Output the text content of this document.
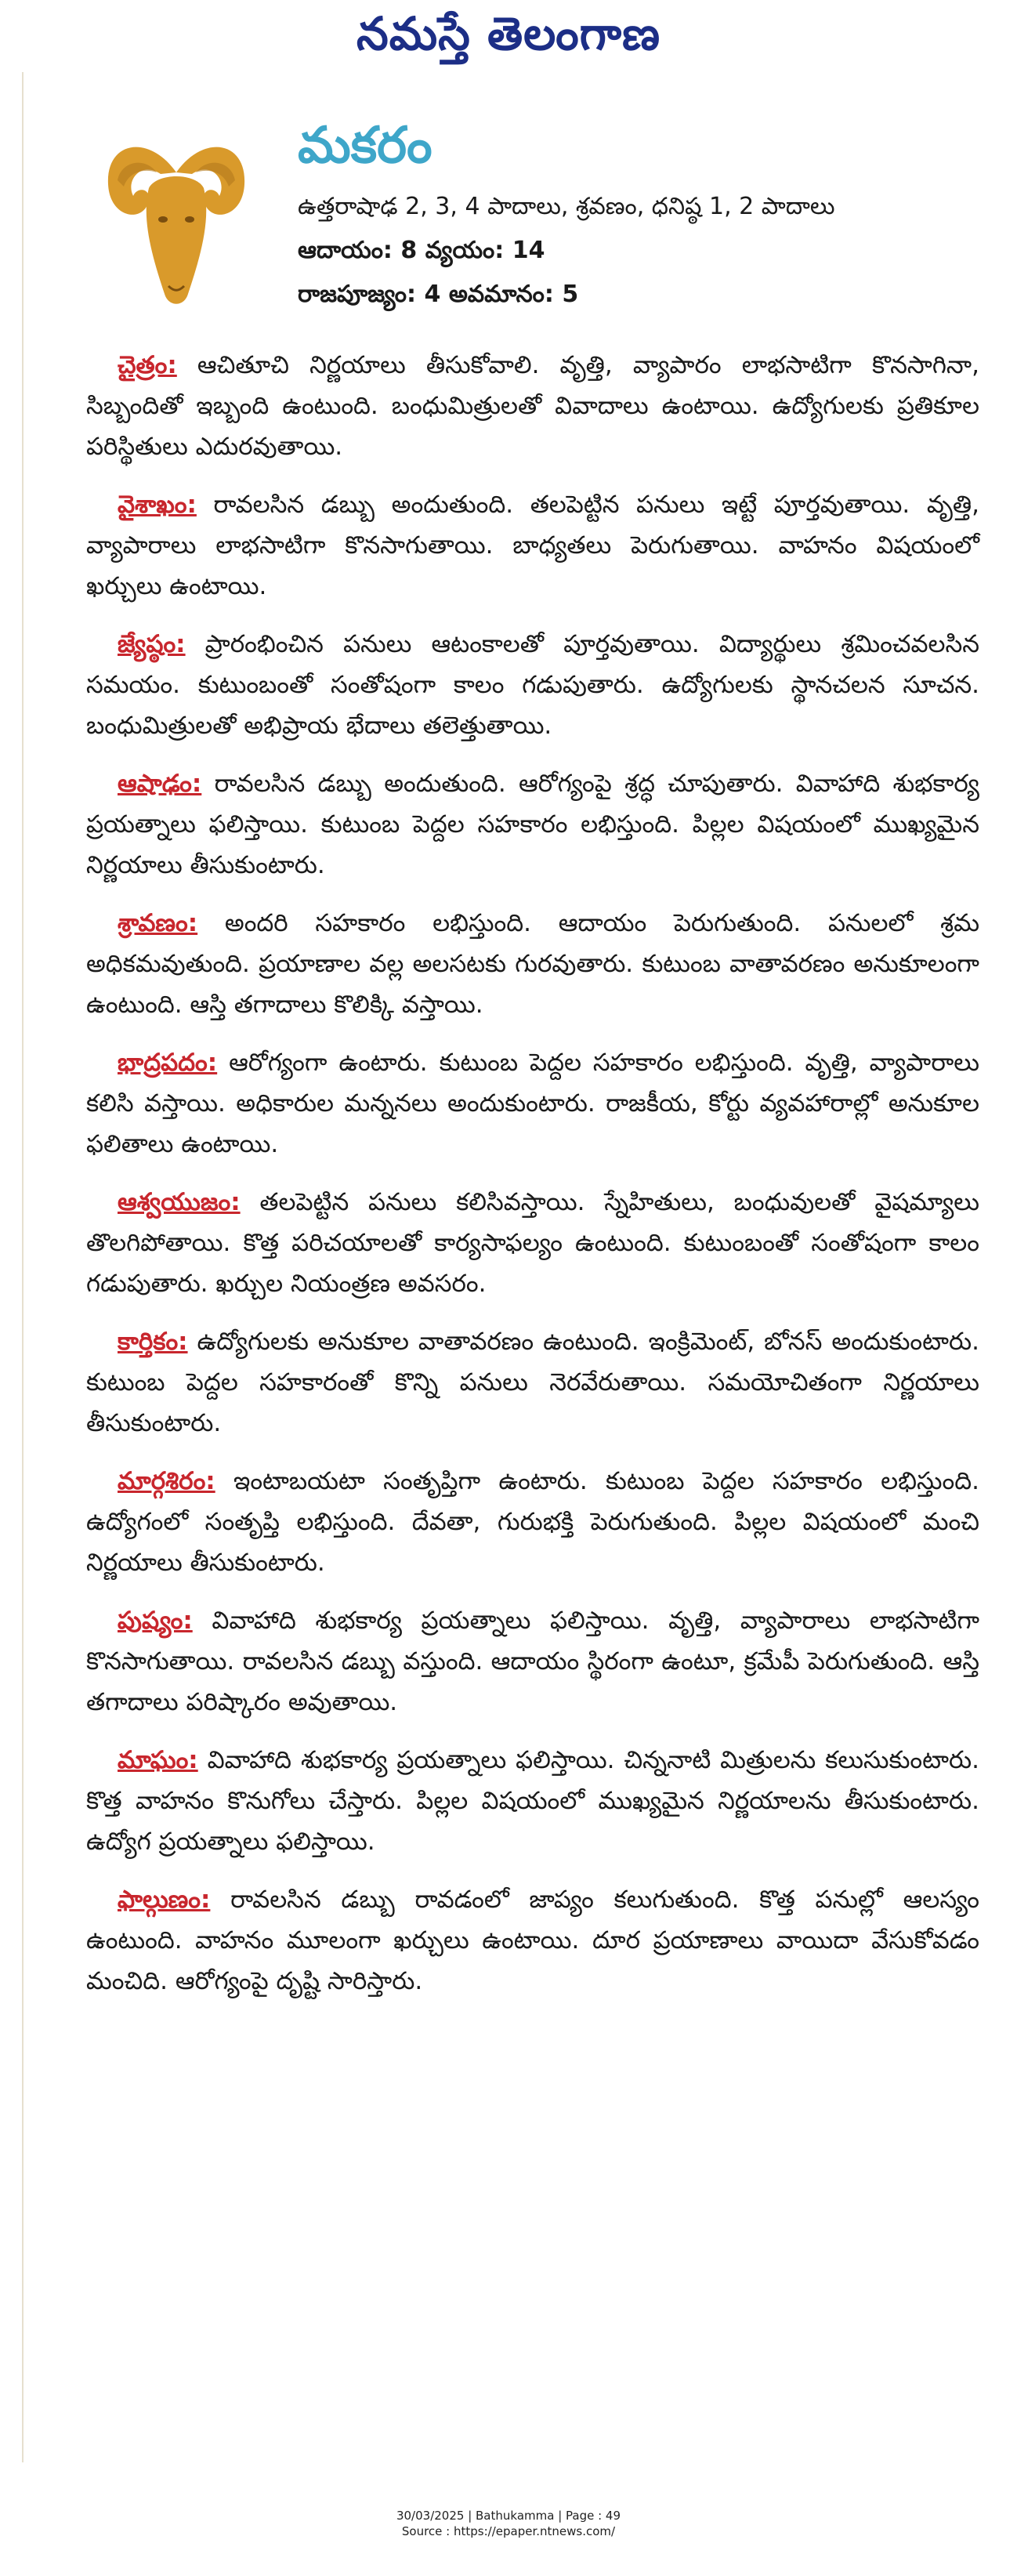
నమస్తే తెలంగాణ
మకరం
ఉత్తరాషాఢ 2, 3, 4 పాదాలు, శ్రవణం, ధనిష్ఠ 1, 2 పాదాలు
ఆదాయం: 8 వ్యయం: 14
రాజపూజ్యం: 4 అవమానం: 5

చైత్రం: ఆచితూచి నిర్ణయాలు తీసుకోవాలి. వృత్తి, వ్యాపారం లాభసాటిగా కొనసాగినా, సిబ్బందితో ఇబ్బంది ఉంటుంది. బంధుమిత్రులతో వివాదాలు ఉంటాయి. ఉద్యోగులకు ప్రతికూల పరిస్థితులు ఎదురవుతాయి.

వైశాఖం: రావలసిన డబ్బు అందుతుంది. తలపెట్టిన పనులు ఇట్టే పూర్తవుతాయి. వృత్తి, వ్యాపారాలు లాభసాటిగా కొనసాగుతాయి. బాధ్యతలు పెరుగుతాయి. వాహనం విషయంలో ఖర్చులు ఉంటాయి.

జ్యేష్ఠం: ప్రారంభించిన పనులు ఆటంకాలతో పూర్తవుతాయి. విద్యార్థులు శ్రమించవలసిన సమయం. కుటుంబంతో సంతోషంగా కాలం గడుపుతారు. ఉద్యోగులకు స్థానచలన సూచన. బంధుమిత్రులతో అభిప్రాయ భేదాలు తలెత్తుతాయి.

ఆషాఢం: రావలసిన డబ్బు అందుతుంది. ఆరోగ్యంపై శ్రద్ధ చూపుతారు. వివాహాది శుభకార్య ప్రయత్నాలు ఫలిస్తాయి. కుటుంబ పెద్దల సహకారం లభిస్తుంది. పిల్లల విషయంలో ముఖ్యమైన నిర్ణయాలు తీసుకుంటారు.

శ్రావణం: అందరి సహకారం లభిస్తుంది. ఆదాయం పెరుగుతుంది. పనులలో శ్రమ అధికమవుతుంది. ప్రయాణాల వల్ల అలసటకు గురవుతారు. కుటుంబ వాతావరణం అనుకూలంగా ఉంటుంది. ఆస్తి తగాదాలు కొలిక్కి వస్తాయి.

భాద్రపదం: ఆరోగ్యంగా ఉంటారు. కుటుంబ పెద్దల సహకారం లభిస్తుంది. వృత్తి, వ్యాపారాలు కలిసి వస్తాయి. అధికారుల మన్ననలు అందుకుంటారు. రాజకీయ, కోర్టు వ్యవహారాల్లో అనుకూల ఫలితాలు ఉంటాయి.

ఆశ్వయుజం: తలపెట్టిన పనులు కలిసివస్తాయి. స్నేహితులు, బంధువులతో వైషమ్యాలు తొలగిపోతాయి. కొత్త పరిచయాలతో కార్యసాఫల్యం ఉంటుంది. కుటుంబంతో సంతోషంగా కాలం గడుపుతారు. ఖర్చుల నియంత్రణ అవసరం.

కార్తికం: ఉద్యోగులకు అనుకూల వాతావరణం ఉంటుంది. ఇంక్రిమెంట్, బోనస్ అందుకుంటారు. కుటుంబ పెద్దల సహకారంతో కొన్ని పనులు నెరవేరుతాయి. సమయోచితంగా నిర్ణయాలు తీసుకుంటారు.

మార్గశిరం: ఇంటాబయటా సంతృప్తిగా ఉంటారు. కుటుంబ పెద్దల సహకారం లభిస్తుంది. ఉద్యోగంలో సంతృప్తి లభిస్తుంది. దేవతా, గురుభక్తి పెరుగుతుంది. పిల్లల విషయంలో మంచి నిర్ణయాలు తీసుకుంటారు.

పుష్యం: వివాహాది శుభకార్య ప్రయత్నాలు ఫలిస్తాయి. వృత్తి, వ్యాపారాలు లాభసాటిగా కొనసాగుతాయి. రావలసిన డబ్బు వస్తుంది. ఆదాయం స్థిరంగా ఉంటూ, క్రమేపీ పెరుగుతుంది. ఆస్తి తగాదాలు పరిష్కారం అవుతాయి.

మాఘం: వివాహాది శుభకార్య ప్రయత్నాలు ఫలిస్తాయి. చిన్ననాటి మిత్రులను కలుసుకుంటారు. కొత్త వాహనం కొనుగోలు చేస్తారు. పిల్లల విషయంలో ముఖ్యమైన నిర్ణయాలను తీసుకుంటారు. ఉద్యోగ ప్రయత్నాలు ఫలిస్తాయి.

ఫాల్గుణం: రావలసిన డబ్బు రావడంలో జాప్యం కలుగుతుంది. కొత్త పనుల్లో ఆలస్యం ఉంటుంది. వాహనం మూలంగా ఖర్చులు ఉంటాయి. దూర ప్రయాణాలు వాయిదా వేసుకోవడం మంచిది. ఆరోగ్యంపై దృష్టి సారిస్తారు.

30/03/2025 | Bathukamma | Page : 49
Source : https://epaper.ntnews.com/
